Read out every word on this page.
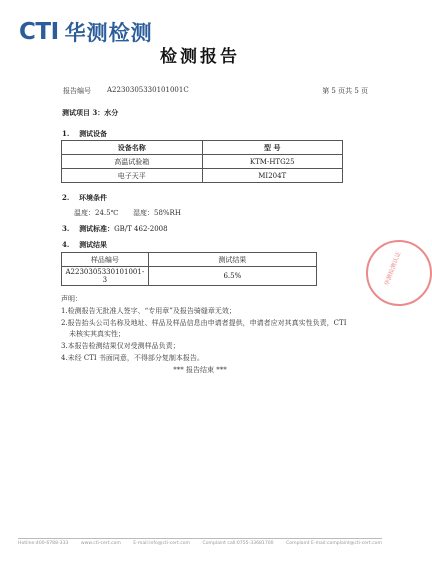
CTI 华测检测
检测报告
报告编号 A2230305330101001C	第 5 页共 5 页
测试项目 3：水分
1.    测试设备
设备名称	型 号
高温试验箱	KTM-HTG25
电子天平	MI204T
2.    环境条件
温度：24.5℃ 湿度：58%RH
3.    测试标准：GB/T 462-2008
4.    测试结果
样品编号	测试结果
A2230305330101001-3	6.5%
声明：
1.检测报告无批准人签字、“专用章”及报告骑缝章无效；
2.报告抬头公司名称及地址、样品及样品信息由申请者提供，申请者应对其真实性负责，CTI
未核实其真实性；
3.本报告检测结果仅对受测样品负责；
4.未经 CTI 书面同意，不得部分复制本报告。
*** 报告结束 ***
华测检测认证
Hotline:400-6788-333	www.cti-cert.com	E-mail:info@cti-cert.com	Complaint call:0755-33681700	Complaint E-mail:complaint@cti-cert.com
